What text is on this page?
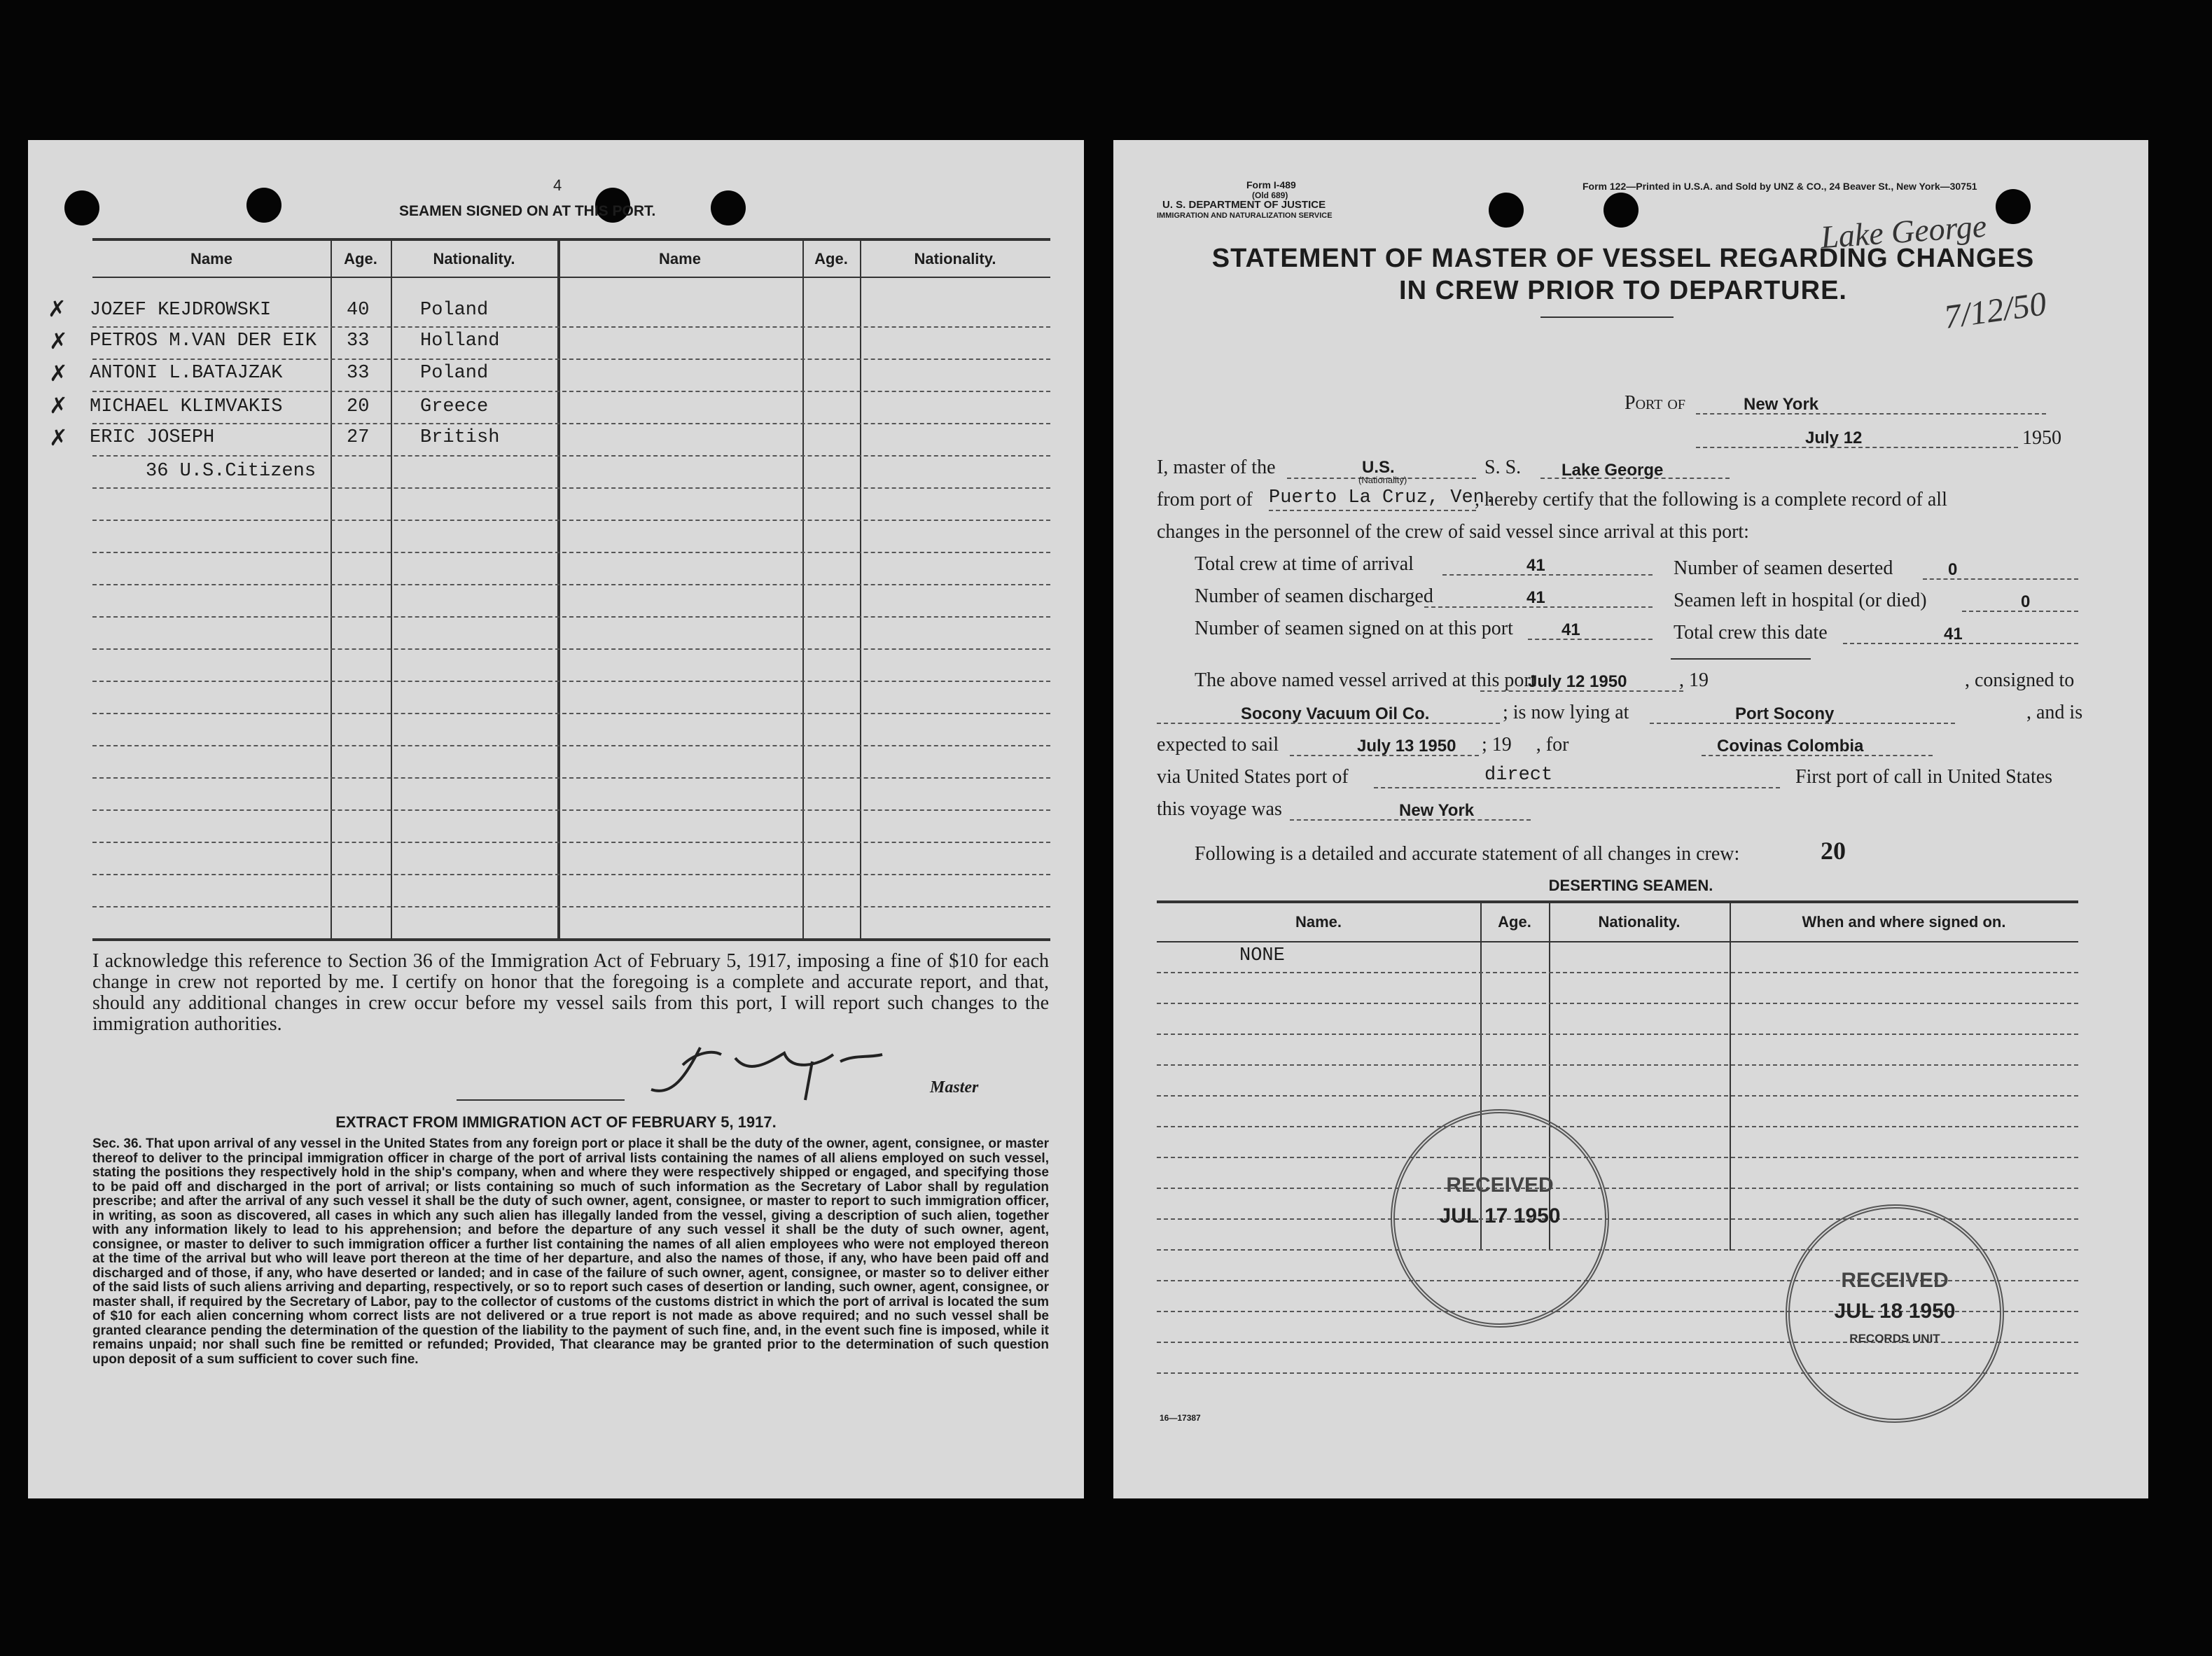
4
SEAMEN SIGNED ON AT THIS PORT.
Name	Age.	Nationality.	Name	Age.	Nationality.
✗
✗
✗
✗
✗
JOZEF KEJDROWSKI	40	Poland
PETROS M.VAN DER EIK 33	Holland
ANTONI L.BATAJZAK	33	Poland
MICHAEL KLIMVAKIS	20	Greece
ERIC JOSEPH	27	British
36 U.S.Citizens
I acknowledge this reference to Section 36 of the Immigration Act of February 5, 1917, imposing a fine of $10 for each change in crew not reported by me. I certify on honor that the foregoing is a complete and accurate report, and that, should any additional changes in crew occur before my vessel sails from this port, I will report such changes to the immigration authorities.
Master
EXTRACT FROM IMMIGRATION ACT OF FEBRUARY 5, 1917.
Sec. 36. That upon arrival of any vessel in the United States from any foreign port or place it shall be the duty of the owner, agent, consignee, or master thereof to deliver to the principal immigration officer in charge of the port of arrival lists containing the names of all aliens employed on such vessel, stating the positions they respectively hold in the ship's company, when and where they were respectively shipped or engaged, and specifying those to be paid off and discharged in the port of arrival; or lists containing so much of such information as the Secretary of Labor shall by regulation prescribe; and after the arrival of any such vessel it shall be the duty of such owner, agent, consignee, or master to report to such immigration officer, in writing, as soon as discovered, all cases in which any such alien has illegally landed from the vessel, giving a description of such alien, together with any information likely to lead to his apprehension; and before the departure of any such vessel it shall be the duty of such owner, agent, consignee, or master to deliver to such immigration officer a further list containing the names of all alien employees who were not employed thereon at the time of the arrival but who will leave port thereon at the time of her departure, and also the names of those, if any, who have been paid off and discharged and of those, if any, who have deserted or landed; and in case of the failure of such owner, agent, consignee, or master so to deliver either of the said lists of such aliens arriving and departing, respectively, or so to report such cases of desertion or landing, such owner, agent, consignee, or master shall, if required by the Secretary of Labor, pay to the collector of customs of the customs district in which the port of arrival is located the sum of $10 for each alien concerning whom correct lists are not delivered or a true report is not made as above required; and no such vessel shall be granted clearance pending the determination of the question of the liability to the payment of such fine, and, in the event such fine is imposed, while it remains unpaid; nor shall such fine be remitted or refunded; Provided, That clearance may be granted prior to the determination of such question upon deposit of a sum sufficient to cover such fine.
Form I-489
(Old 689)
U. S. DEPARTMENT OF JUSTICE
IMMIGRATION AND NATURALIZATION SERVICE
Form 122—Printed in U.S.A. and Sold by UNZ & CO., 24 Beaver St., New York—30751
Lake George
7/12/50
STATEMENT OF MASTER OF VESSEL REGARDING CHANGES
IN CREW PRIOR TO DEPARTURE.
Port of	New York
July 12	1950
I, master of the	U.S.
(Nationality)
S. S. Lake George
from port of Puerto La Cruz, Ven.
, hereby certify that the following is a complete record of all
changes in the personnel of the crew of said vessel since arrival at this port:
Total crew at time of arrival	41
Number of seamen discharged	41
Number of seamen signed on at this port	41
Number of seamen deserted	0
Seamen left in hospital (or died)	0
Total crew this date	41
The above named vessel arrived at this port
July 12 1950	, 19	, consigned to
Socony Vacuum Oil Co.	; is now lying at	Port Socony	, and is
expected to sail	July 13 1950 ; 19     , for	Covinas Colombia
via United States port of	direct	First port of call in United States
this voyage was	New York
Following is a detailed and accurate statement of all changes in crew:	20
DESERTING SEAMEN.
Name.	Age.	Nationality.	When and where signed on.
NONE
16—17387
RECEIVED
JUL 17 1950
RECEIVED
JUL 18 1950
RECORDS UNIT
